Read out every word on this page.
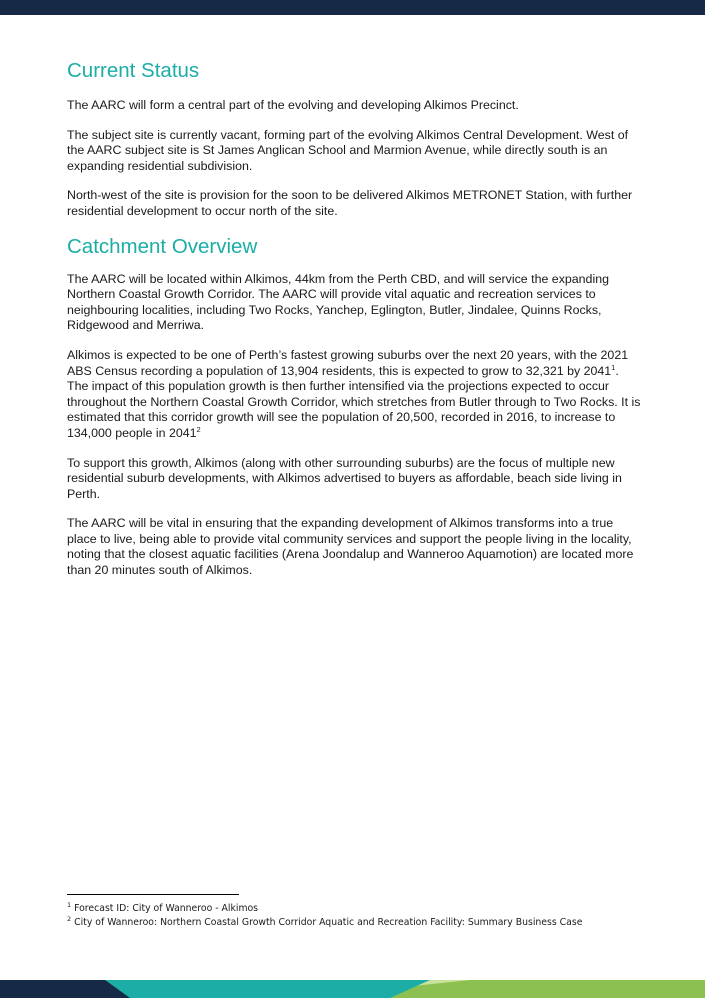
Current Status

The AARC will form a central part of the evolving and developing Alkimos Precinct.

The subject site is currently vacant, forming part of the evolving Alkimos Central Development. West of the AARC subject site is St James Anglican School and Marmion Avenue, while directly south is an expanding residential subdivision.

North-west of the site is provision for the soon to be delivered Alkimos METRONET Station, with further residential development to occur north of the site.

Catchment Overview

The AARC will be located within Alkimos, 44km from the Perth CBD, and will service the expanding Northern Coastal Growth Corridor. The AARC will provide vital aquatic and recreation services to neighbouring localities, including Two Rocks, Yanchep, Eglington, Butler, Jindalee, Quinns Rocks, Ridgewood and Merriwa.

Alkimos is expected to be one of Perth’s fastest growing suburbs over the next 20 years, with the 2021 ABS Census recording a population of 13,904 residents, this is expected to grow to 32,321 by 2041$^1$. The impact of this population growth is then further intensified via the projections expected to occur throughout the Northern Coastal Growth Corridor, which stretches from Butler through to Two Rocks. It is estimated that this corridor growth will see the population of 20,500, recorded in 2016, to increase to 134,000 people in 2041$^2$

To support this growth, Alkimos (along with other surrounding suburbs) are the focus of multiple new residential suburb developments, with Alkimos advertised to buyers as affordable, beach side living in Perth.

The AARC will be vital in ensuring that the expanding development of Alkimos transforms into a true place to live, being able to provide vital community services and support the people living in the locality, noting that the closest aquatic facilities (Arena Joondalup and Wanneroo Aquamotion) are located more than 20 minutes south of Alkimos.

$^1$ Forecast ID: City of Wanneroo - Alkimos

$^2$ City of Wanneroo: Northern Coastal Growth Corridor Aquatic and Recreation Facility: Summary Business Case
